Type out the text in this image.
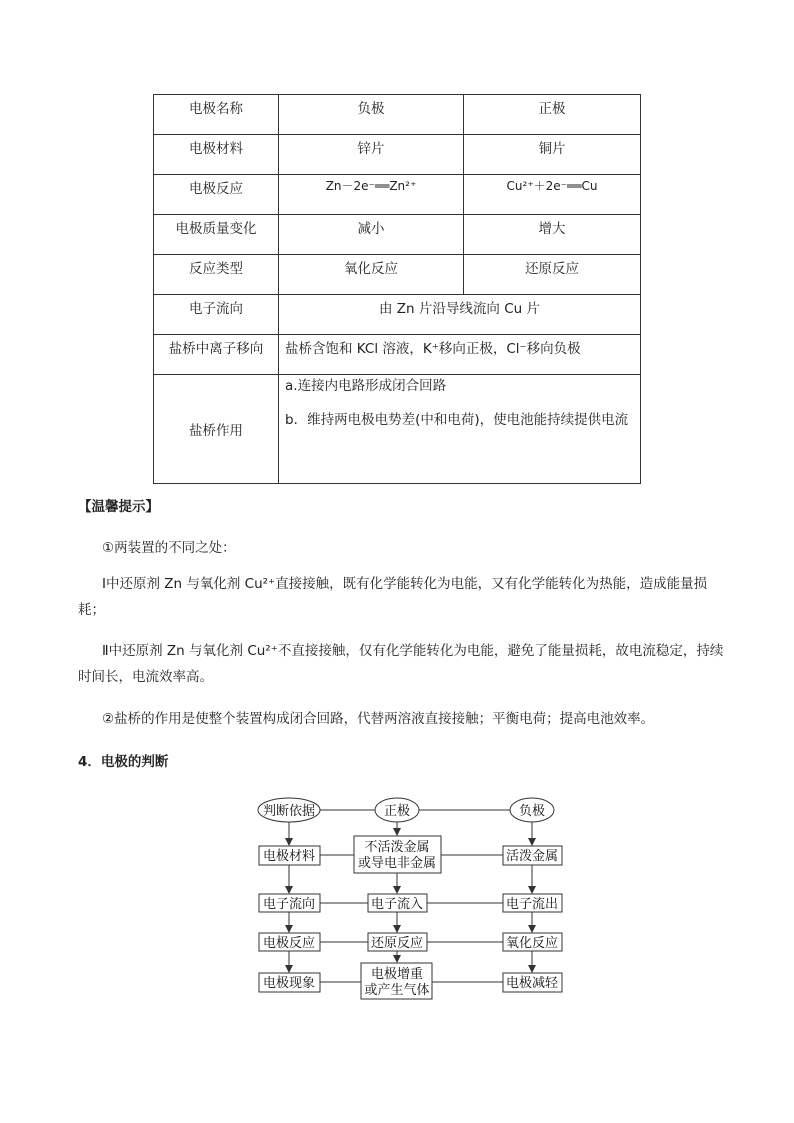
电极名称	负极	正极
电极材料	锌片	铜片
电极反应	Zn－2e⁻══Zn²⁺	Cu²⁺＋2e⁻══Cu
电极质量变化	减小	增大
反应类型	氧化反应	还原反应
电子流向	由 Zn 片沿导线流向 Cu 片	
盐桥中离子移向	盐桥含饱和 KCl 溶液，K⁺移向正极，Cl⁻移向负极	
盐桥作用	a.连接内电路形成闭合回路

b．维持两电极电势差(中和电荷)，使电池能持续提供电流	

【温馨提示】
①两装置的不同之处：
Ⅰ中还原剂 Zn 与氧化剂 Cu²⁺直接接触，既有化学能转化为电能，又有化学能转化为热能，造成能量损耗；
Ⅱ中还原剂 Zn 与氧化剂 Cu²⁺不直接接触，仅有化学能转化为电能，避免了能量损耗，故电流稳定，持续时间长，电流效率高。
②盐桥的作用是使整个装置构成闭合回路，代替两溶液直接接触；平衡电荷；提高电池效率。
4．电极的判断
判断依据	正极	负极
电极材料
不活泼金属
或导电非金属	活泼金属
电子流向	电子流入	电子流出
电极反应	还原反应	氧化反应
电极现象
电极增重
或产生气体	电极减轻
